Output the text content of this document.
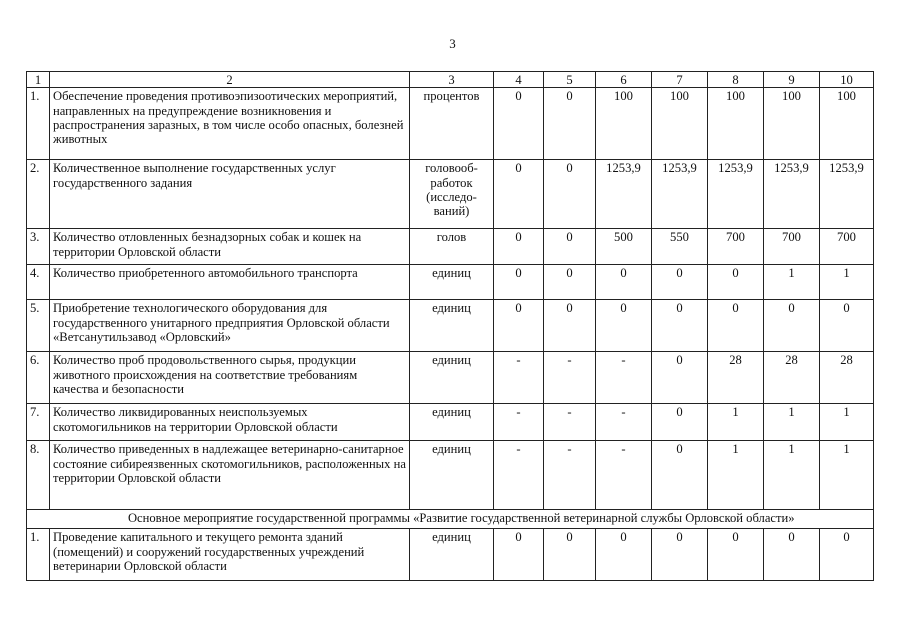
3
1	2	3	4	5	6	7	8	9	10
1.	Обеспечение проведения противоэпизоотических мероприятий, направленных на предупреждение возникновения и распространения заразных, в том числе особо опасных, болезней животных	процентов	0	0	100	100	100	100	100
2.	Количественное выполнение государственных услуг государственного задания	головооб-работок (исследо-ваний)	0	0	1253,9	1253,9	1253,9	1253,9	1253,9
3.	Количество отловленных безнадзорных собак и кошек на территории Орловской области	голов	0	0	500	550	700	700	700
4.	Количество приобретенного автомобильного транспорта	единиц	0	0	0	0	0	1	1
5.	Приобретение технологического оборудования для государственного унитарного предприятия Орловской области «Ветсанутильзавод «Орловский»	единиц	0	0	0	0	0	0	0
6.	Количество проб продовольственного сырья, продукции животного происхождения на соответствие требованиям качества и безопасности	единиц	-	-	-	0	28	28	28
7.	Количество ликвидированных неиспользуемых скотомогильников на территории Орловской области	единиц	-	-	-	0	1	1	1
8.	Количество приведенных в надлежащее ветеринарно-санитарное состояние сибиреязвенных скотомогильников, расположенных на территории Орловской области	единиц	-	-	-	0	1	1	1
	Основное мероприятие государственной программы «Развитие государственной ветеринарной службы Орловской области»								
1.	Проведение капитального и текущего ремонта зданий (помещений) и сооружений государственных учреждений ветеринарии Орловской области	единиц	0	0	0	0	0	0	0
